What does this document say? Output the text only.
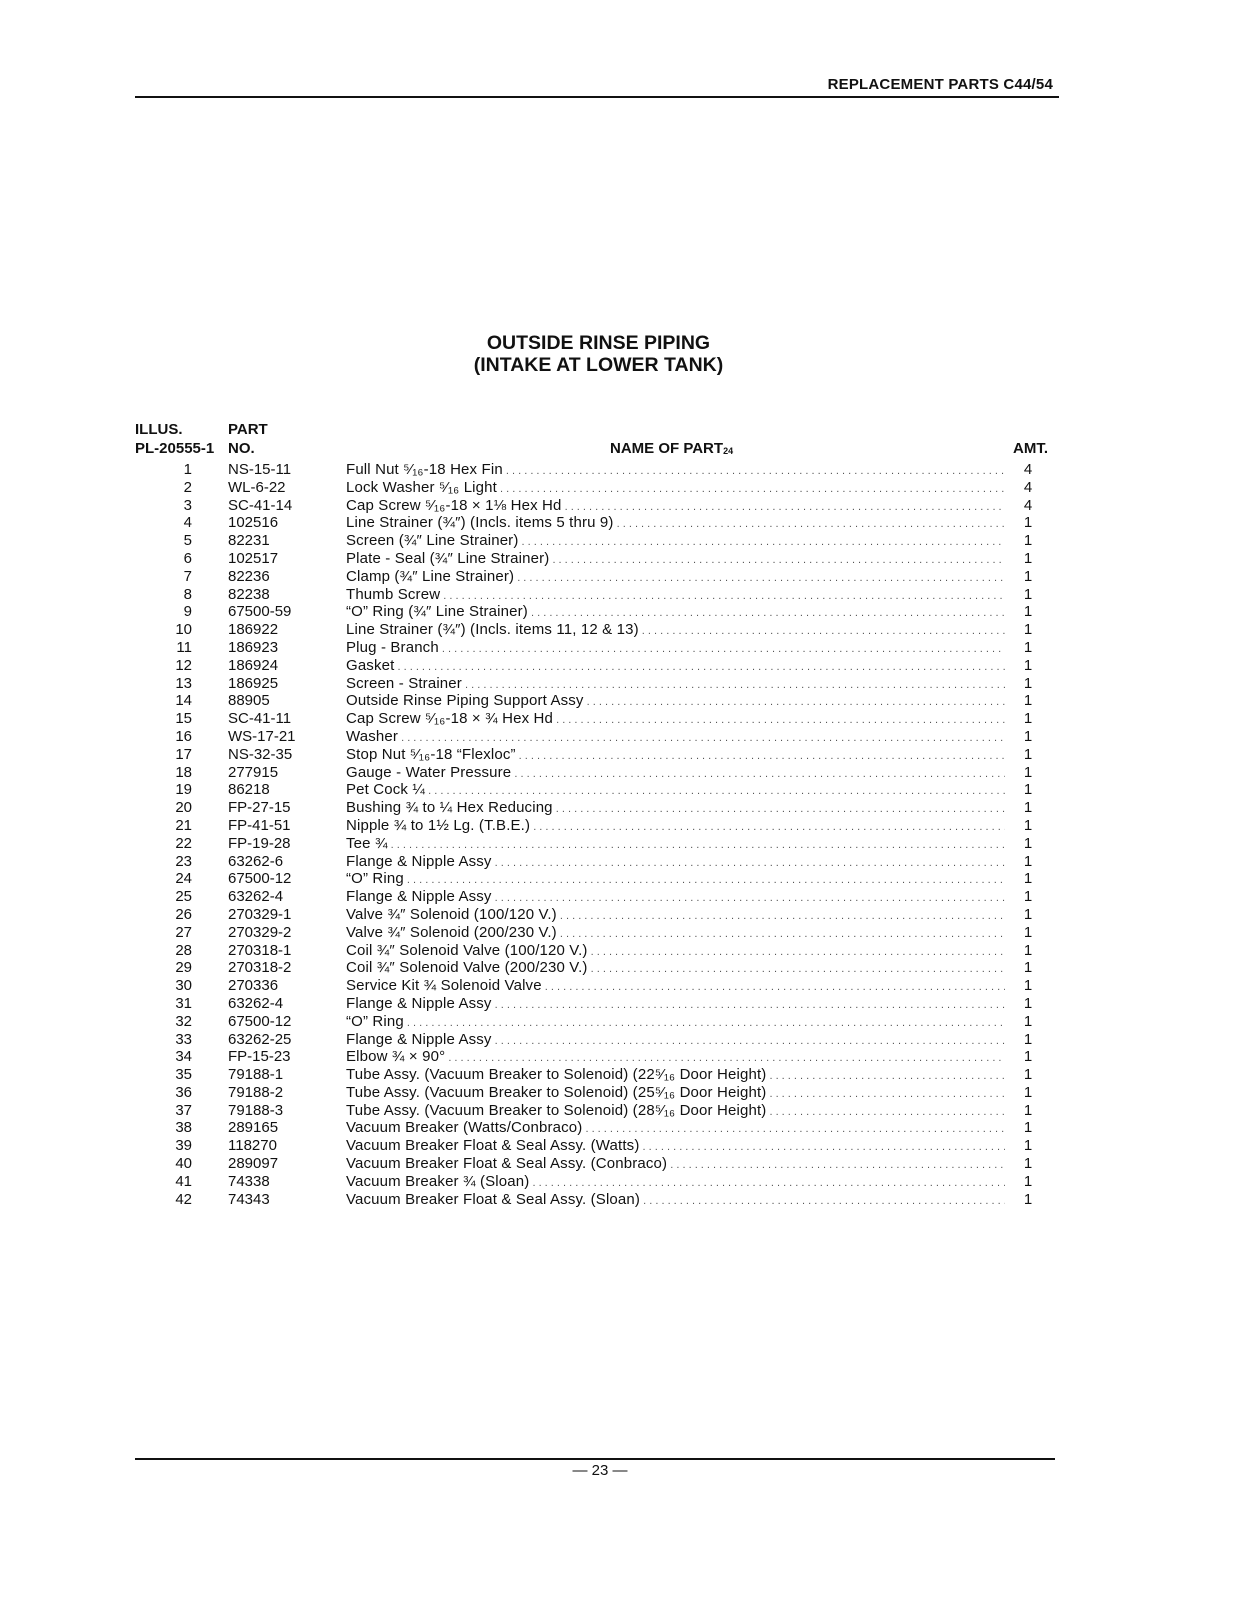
REPLACEMENT PARTS C44/54
OUTSIDE RINSE PIPING
(INTAKE AT LOWER TANK)
ILLUS.
PL-20555-1
PART
NO.	NAME OF $PART_{24}$	AMT.
1 NS-15-11	Full Nut ⁵⁄₁₆-18 Hex Fin . . .	4
2 WL-6-22	Lock Washer ⁵⁄₁₆ Light . . .	4
3 SC-41-14	Cap Screw ⁵⁄₁₆-18 × 1⅛ Hex Hd . . .	4
4 102516	Line Strainer (¾″) (Incls. items 5 thru 9) . . .	1
5 82231	Screen (¾″ Line Strainer) . . .	1
6 102517	Plate - Seal (¾″ Line Strainer) . . .	1
7 82236	Clamp (¾″ Line Strainer) . . .	1
8 82238	Thumb Screw . . .	1
9 67500-59	“O” Ring (¾″ Line Strainer) . . .	1
10 186922	Line Strainer (¾″) (Incls. items 11, 12 & 13) . . .	1
11 186923	Plug - Branch . . .	1
12 186924	Gasket . . .	1
13 186925	Screen - Strainer . . .	1
14 88905	Outside Rinse Piping Support Assy . . .	1
15 SC-41-11	Cap Screw ⁵⁄₁₆-18 × ¾ Hex Hd . . .	1
16 WS-17-21	Washer . . .	1
17 NS-32-35	Stop Nut ⁵⁄₁₆-18 “Flexloc” . . .	1
18 277915	Gauge - Water Pressure . . .	1
19 86218	Pet Cock ¼ . . .	1
20 FP-27-15	Bushing ¾ to ¼ Hex Reducing . . .	1
21 FP-41-51	Nipple ¾ to 1½ Lg. (T.B.E.) . . .	1
22 FP-19-28	Tee ¾ . . .	1
23 63262-6	Flange & Nipple Assy . . .	1
24 67500-12	“O” Ring . . .	1
25 63262-4	Flange & Nipple Assy . . .	1
26 270329-1	Valve ¾″ Solenoid (100/120 V.) . . .	1
27 270329-2	Valve ¾″ Solenoid (200/230 V.) . . .	1
28 270318-1	Coil ¾″ Solenoid Valve (100/120 V.) . . .	1
29 270318-2	Coil ¾″ Solenoid Valve (200/230 V.) . . .	1
30 270336	Service Kit ¾ Solenoid Valve . . .	1
31 63262-4	Flange & Nipple Assy . . .	1
32 67500-12	“O” Ring . . .	1
33 63262-25	Flange & Nipple Assy . . .	1
34 FP-15-23	Elbow ¾ × 90° . . .	1
35 79188-1	Tube Assy. (Vacuum Breaker to Solenoid) (22⁵⁄₁₆ Door Height) . . .	1
36 79188-2	Tube Assy. (Vacuum Breaker to Solenoid) (25⁵⁄₁₆ Door Height) . . .	1
37 79188-3	Tube Assy. (Vacuum Breaker to Solenoid) (28⁵⁄₁₆ Door Height) . . .	1
38 289165	Vacuum Breaker (Watts/Conbraco) . . .	1
39 118270	Vacuum Breaker Float & Seal Assy. (Watts) . . .	1
40 289097	Vacuum Breaker Float & Seal Assy. (Conbraco) . . .	1
41 74338	Vacuum Breaker ¾ (Sloan) . . .	1
42 74343	Vacuum Breaker Float & Seal Assy. (Sloan) . . .	1
— 23 —
